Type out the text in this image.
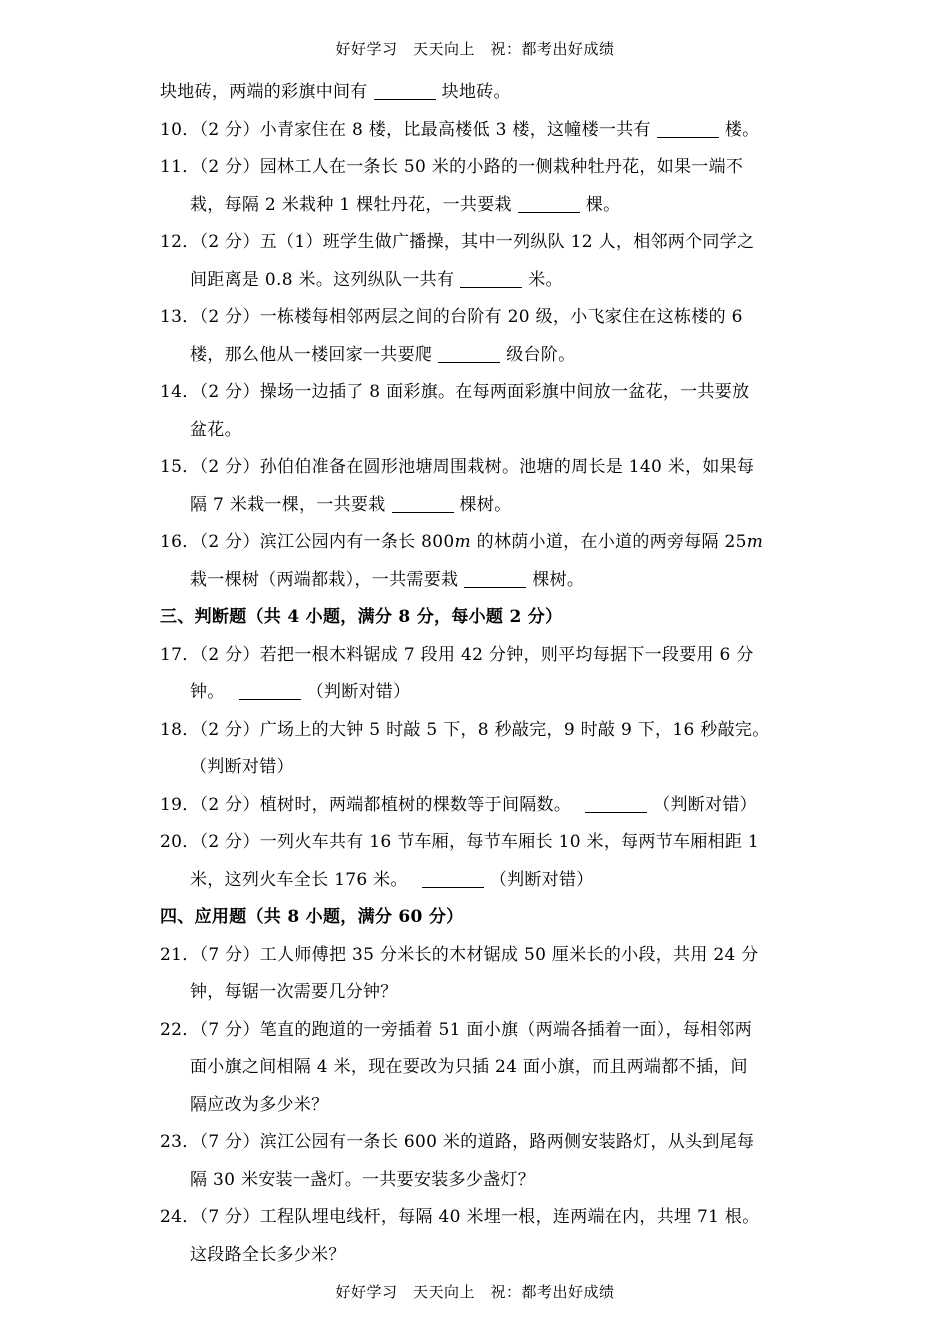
好好学习　天天向上　祝：都考出好成绩
块地砖，两端的彩旗中间有	块地砖。
10．（2 分）小青家住在 8 楼，比最高楼低 3 楼，这幢楼一共有	楼。
11．（2 分）园林工人在一条长 50 米的小路的一侧栽种牡丹花，如果一端不
栽，每隔 2 米栽种 1 棵牡丹花，一共要栽	棵。
12．（2 分）五（1）班学生做广播操，其中一列纵队 12 人，相邻两个同学之
间距离是 0.8 米。这列纵队一共有	米。
13．（2 分）一栋楼每相邻两层之间的台阶有 20 级，小飞家住在这栋楼的 6
楼，那么他从一楼回家一共要爬	级台阶。
14．（2 分）操场一边插了 8 面彩旗。在每两面彩旗中间放一盆花，一共要放
盆花。
15．（2 分）孙伯伯准备在圆形池塘周围栽树。池塘的周长是 140 米，如果每
隔 7 米栽一棵，一共要栽	棵树。
16．（2 分）滨江公园内有一条长 800m 的林荫小道，在小道的两旁每隔 25m
栽一棵树（两端都栽），一共需要栽	棵树。
三、判断题（共 4 小题，满分 8 分，每小题 2 分）
17．（2 分）若把一根木料锯成 7 段用 42 分钟，则平均每据下一段要用 6 分
钟。	（判断对错）
18．（2 分）广场上的大钟 5 时敲 5 下，8 秒敲完，9 时敲 9 下，16 秒敲完。
（判断对错）
19．（2 分）植树时，两端都植树的棵数等于间隔数。	（判断对错）
20．（2 分）一列火车共有 16 节车厢，每节车厢长 10 米，每两节车厢相距 1
米，这列火车全长 176 米。	（判断对错）
四、应用题（共 8 小题，满分 60 分）
21．（7 分）工人师傅把 35 分米长的木材锯成 50 厘米长的小段，共用 24 分
钟，每锯一次需要几分钟？
22．（7 分）笔直的跑道的一旁插着 51 面小旗（两端各插着一面），每相邻两
面小旗之间相隔 4 米，现在要改为只插 24 面小旗，而且两端都不插，间
隔应改为多少米？
23．（7 分）滨江公园有一条长 600 米的道路，路两侧安装路灯，从头到尾每
隔 30 米安装一盏灯。一共要安装多少盏灯？
24．（7 分）工程队埋电线杆，每隔 40 米埋一根，连两端在内，共埋 71 根。
这段路全长多少米？
好好学习　天天向上　祝：都考出好成绩
